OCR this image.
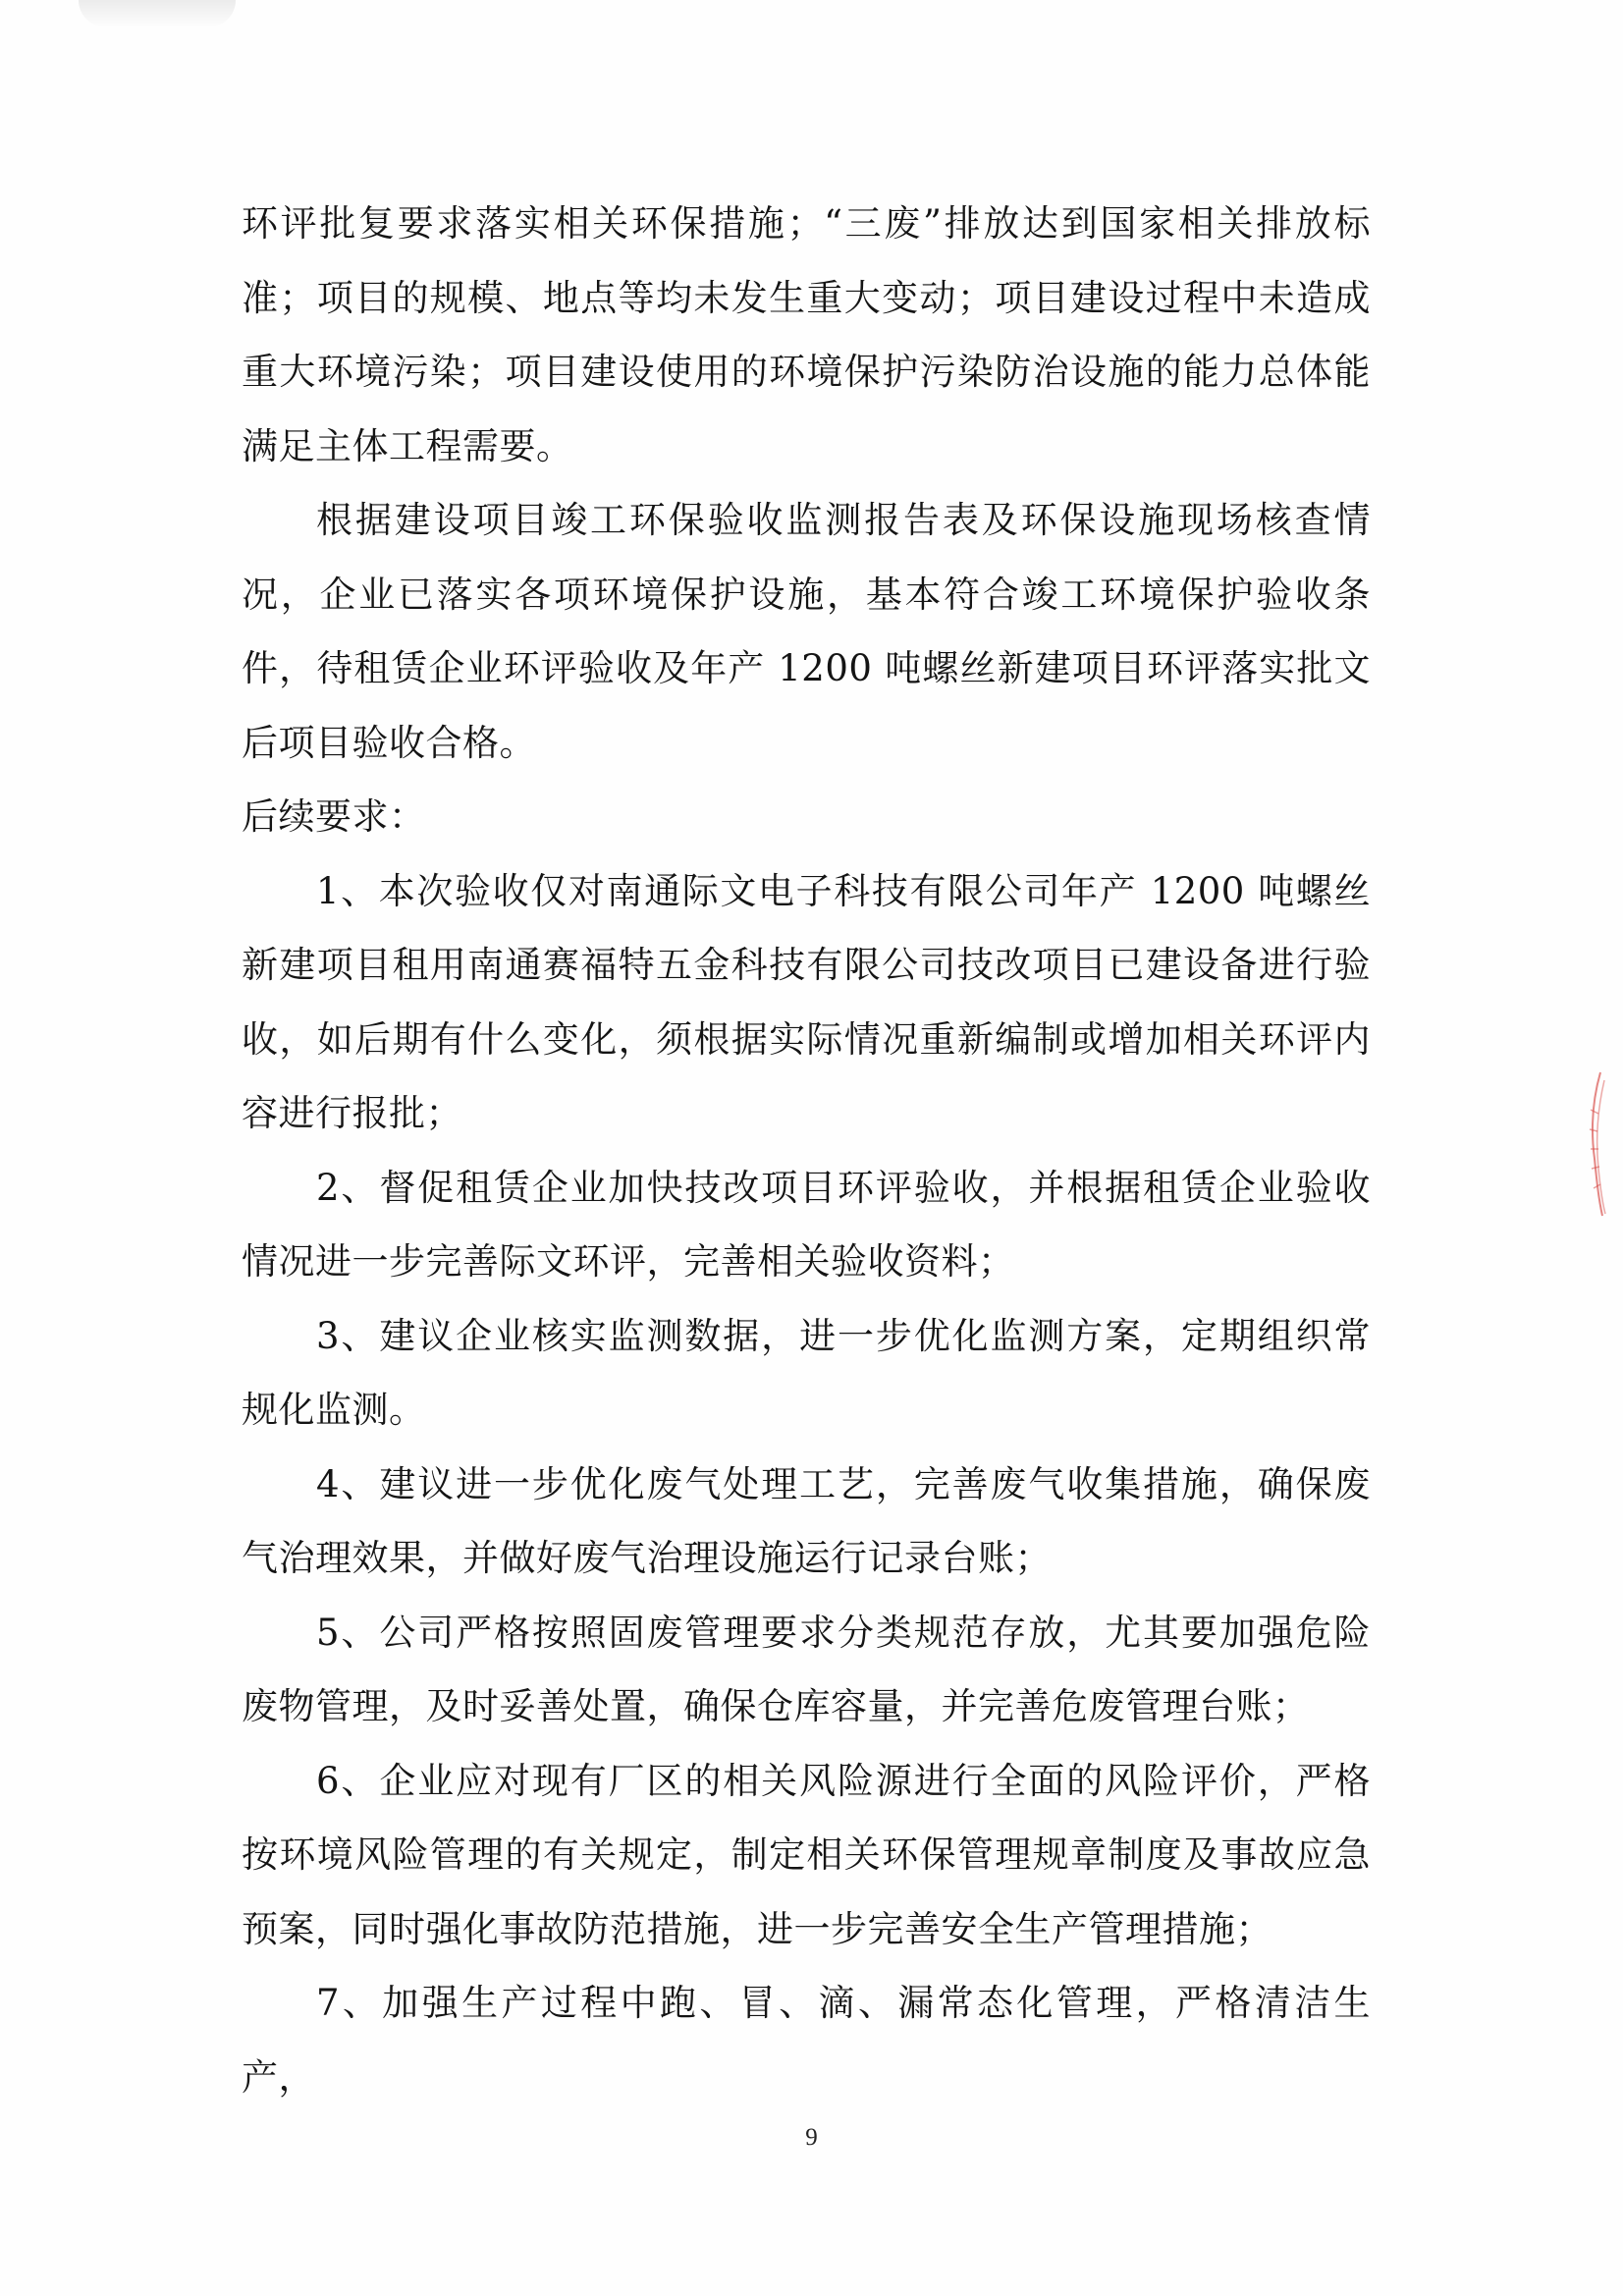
环评批复要求落实相关环保措施；“三废”排放达到国家相关排放标准；项目的规模、地点等均未发生重大变动；项目建设过程中未造成重大环境污染；项目建设使用的环境保护污染防治设施的能力总体能满足主体工程需要。

根据建设项目竣工环保验收监测报告表及环保设施现场核查情况，企业已落实各项环境保护设施，基本符合竣工环境保护验收条件，待租赁企业环评验收及年产 1200 吨螺丝新建项目环评落实批文后项目验收合格。

后续要求：

1、本次验收仅对南通际文电子科技有限公司年产 1200 吨螺丝新建项目租用南通赛福特五金科技有限公司技改项目已建设备进行验收，如后期有什么变化，须根据实际情况重新编制或增加相关环评内容进行报批；

2、督促租赁企业加快技改项目环评验收，并根据租赁企业验收情况进一步完善际文环评，完善相关验收资料；

3、建议企业核实监测数据，进一步优化监测方案，定期组织常规化监测。

4、建议进一步优化废气处理工艺，完善废气收集措施，确保废气治理效果，并做好废气治理设施运行记录台账；

5、公司严格按照固废管理要求分类规范存放，尤其要加强危险废物管理，及时妥善处置，确保仓库容量，并完善危废管理台账；

6、企业应对现有厂区的相关风险源进行全面的风险评价，严格按环境风险管理的有关规定，制定相关环保管理规章制度及事故应急预案，同时强化事故防范措施，进一步完善安全生产管理措施；

7、加强生产过程中跑、冒、滴、漏常态化管理，严格清洁生产，

9
